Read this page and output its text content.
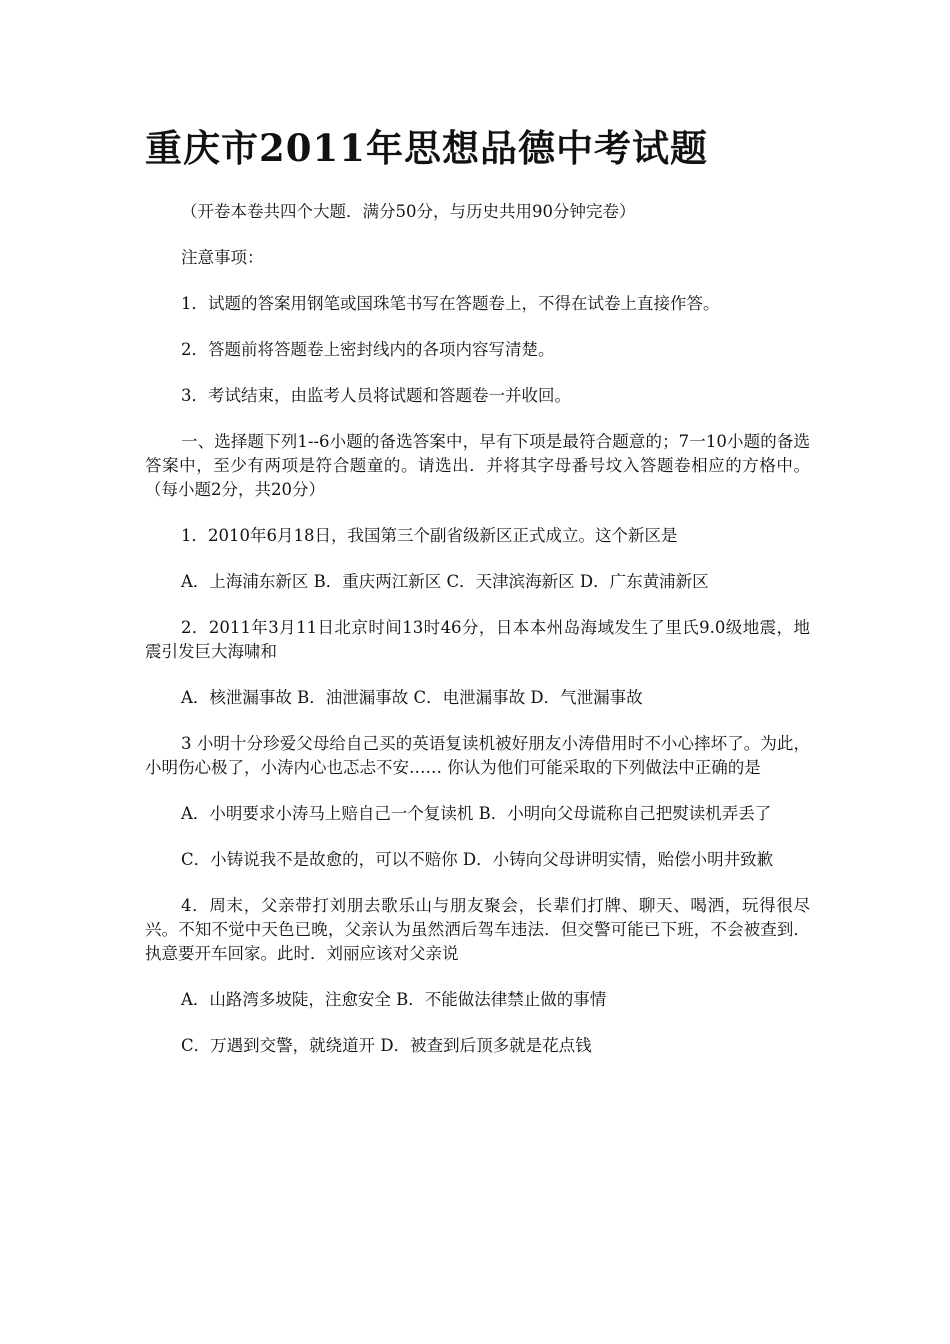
重庆市2011年思想品德中考试题

（开卷本卷共四个大题．满分50分，与历史共用90分钟完卷）

注意事项：

1．试题的答案用钢笔或国珠笔书写在答题卷上，不得在试卷上直接作答。

2．答题前将答题卷上密封线内的各项内容写清楚。

3．考试结束，由监考人员将试题和答题卷一并收回。

一、选择题下列1--6小题的备选答案中，早有下项是最符合题意的；7一10小题的备选答案中，至少有两项是符合题童的。请选出．并将其字母番号坟入答题卷相应的方格中。（每小题2分，共20分）

1．2010年6月18日，我国第三个副省级新区正式成立。这个新区是

A．上海浦东新区 B．重庆两江新区 C．天津滨海新区 D．广东黄浦新区

2．2011年3月11日北京时间13时46分，日本本州岛海域发生了里氏9.0级地震，地震引发巨大海啸和

A．核泄漏事故 B．油泄漏事故 C．电泄漏事故 D．气泄漏事故

3 小明十分珍爱父母给自己买的英语复读机被好朋友小涛借用时不小心摔坏了。为此，小明伤心极了，小涛内心也忑忐不安…… 你认为他们可能采取的下列做法中正确的是

A．小明要求小涛马上赔自己一个复读机 B．小明向父母谎称自己把熨读机弄丢了

C．小铸说我不是故愈的，可以不赔你 D．小铸向父母讲明实情，贻偿小明井致歉

4．周末，父亲带打刘朋去歌乐山与朋友聚会，长辈们打牌、聊天、喝洒，玩得很尽兴。不知不觉中天色已晚，父亲认为虽然洒后驾车违法．但交警可能已下班，不会被查到．执意要开车回家。此时．刘丽应该对父亲说

A．山路湾多坡陡，注愈安全 B．不能做法律禁止做的事情

C．万遇到交警，就绕道开 D．被查到后顶多就是花点钱
